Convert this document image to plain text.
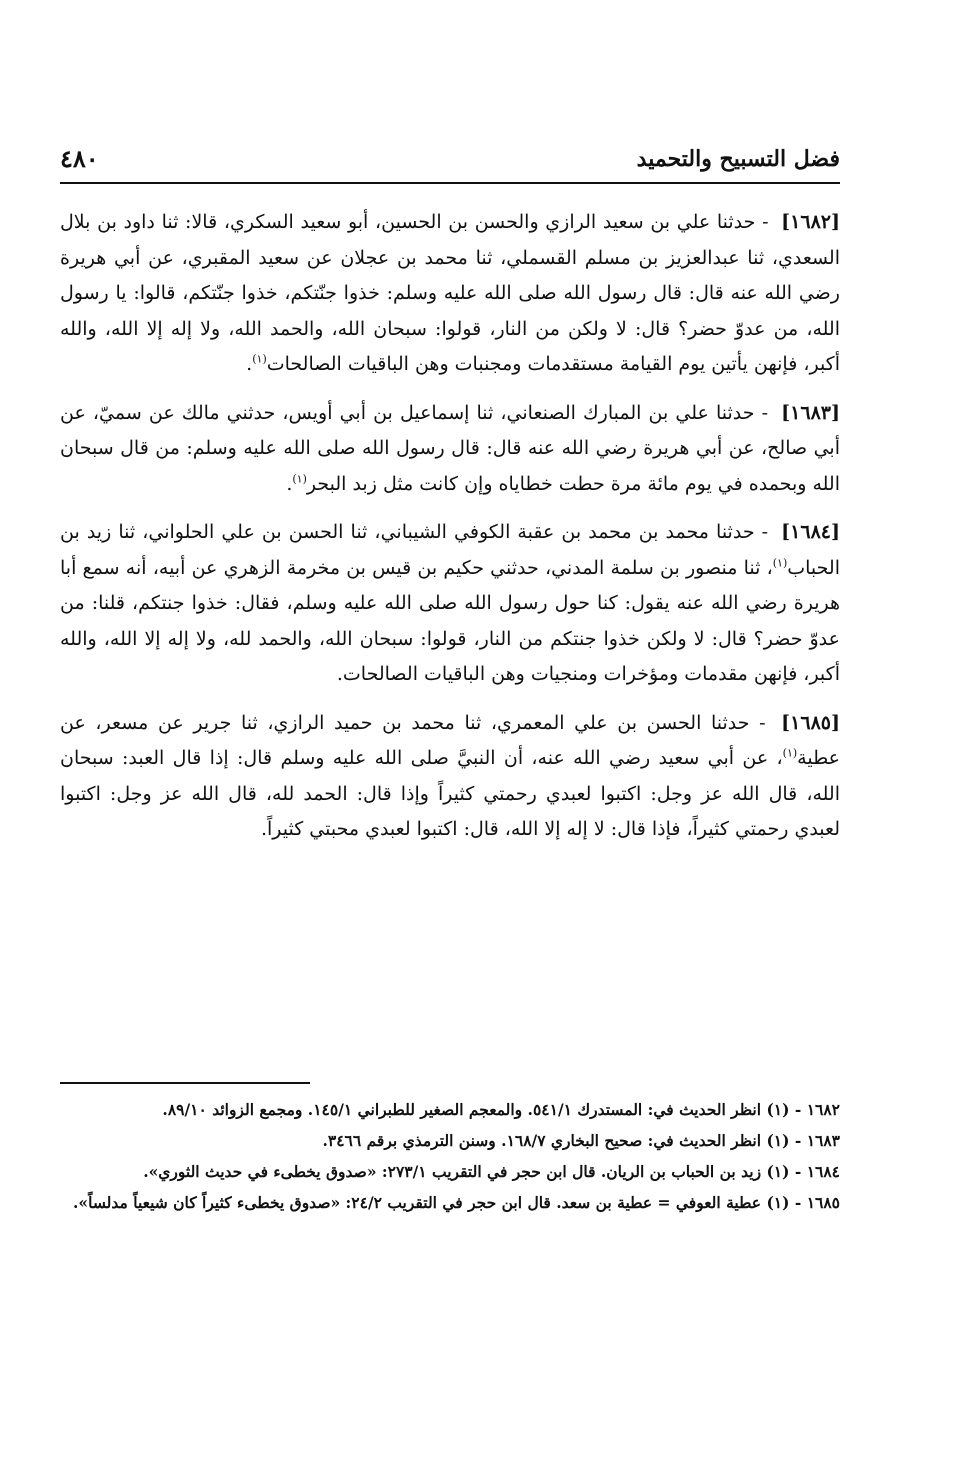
فضل التسبيح والتحميد
٤٨٠

[١٦٨٢] - حدثنا علي بن سعيد الرازي والحسن بن الحسين، أبو سعيد السكري، قالا: ثنا داود بن بلال السعدي، ثنا عبدالعزيز بن مسلم القسملي، ثنا محمد بن عجلان عن سعيد المقبري، عن أبي هريرة رضي الله عنه قال: قال رسول الله صلى الله عليه وسلم: خذوا جنّتكم، خذوا جنّتكم، قالوا: يا رسول الله، من عدوّ حضر؟ قال: لا ولكن من النار، قولوا: سبحان الله، والحمد الله، ولا إله إلا الله، والله أكبر، فإنهن يأتين يوم القيامة مستقدمات ومجنبات وهن الباقيات الصالحات$^{(١)}$.

[١٦٨٣] - حدثنا علي بن المبارك الصنعاني، ثنا إسماعيل بن أبي أويس، حدثني مالك عن سميّ، عن أبي صالح، عن أبي هريرة رضي الله عنه قال: قال رسول الله صلى الله عليه وسلم: من قال سبحان الله وبحمده في يوم مائة مرة حطت خطاياه وإن كانت مثل زبد البحر$^{(١)}$.

[١٦٨٤] - حدثنا محمد بن محمد بن عقبة الكوفي الشيباني، ثنا الحسن بن علي الحلواني، ثنا زيد بن الحباب$^{(١)}$، ثنا منصور بن سلمة المدني، حدثني حكيم بن قيس بن مخرمة الزهري عن أبيه، أنه سمع أبا هريرة رضي الله عنه يقول: كنا حول رسول الله صلى الله عليه وسلم، فقال: خذوا جنتكم، قلنا: من عدوّ حضر؟ قال: لا ولكن خذوا جنتكم من النار، قولوا: سبحان الله، والحمد لله، ولا إله إلا الله، والله أكبر، فإنهن مقدمات ومؤخرات ومنجيات وهن الباقيات الصالحات.

[١٦٨٥] - حدثنا الحسن بن علي المعمري، ثنا محمد بن حميد الرازي، ثنا جرير عن مسعر، عن عطية$^{(١)}$، عن أبي سعيد رضي الله عنه، أن النبيَّ صلى الله عليه وسلم قال: إذا قال العبد: سبحان الله، قال الله عز وجل: اكتبوا لعبدي رحمتي كثيراً وإذا قال: الحمد لله، قال الله عز وجل: اكتبوا لعبدي رحمتي كثيراً، فإذا قال: لا إله إلا الله، قال: اكتبوا لعبدي محبتي كثيراً.

١٦٨٢ - (١) انظر الحديث في: المستدرك ٥٤١/١. والمعجم الصغير للطبراني ١٤٥/١. ومجمع الزوائد ٨٩/١٠.

١٦٨٣ - (١) انظر الحديث في: صحيح البخاري ١٦٨/٧. وسنن الترمذي برقم ٣٤٦٦.

١٦٨٤ - (١) زيد بن الحباب بن الريان. قال ابن حجر في التقريب ٢٧٣/١: «صدوق يخطىء في حديث الثوري».

١٦٨٥ - (١) عطية العوفي = عطية بن سعد. قال ابن حجر في التقريب ٢٤/٢: «صدوق يخطىء كثيراً كان شيعياً مدلساً».
